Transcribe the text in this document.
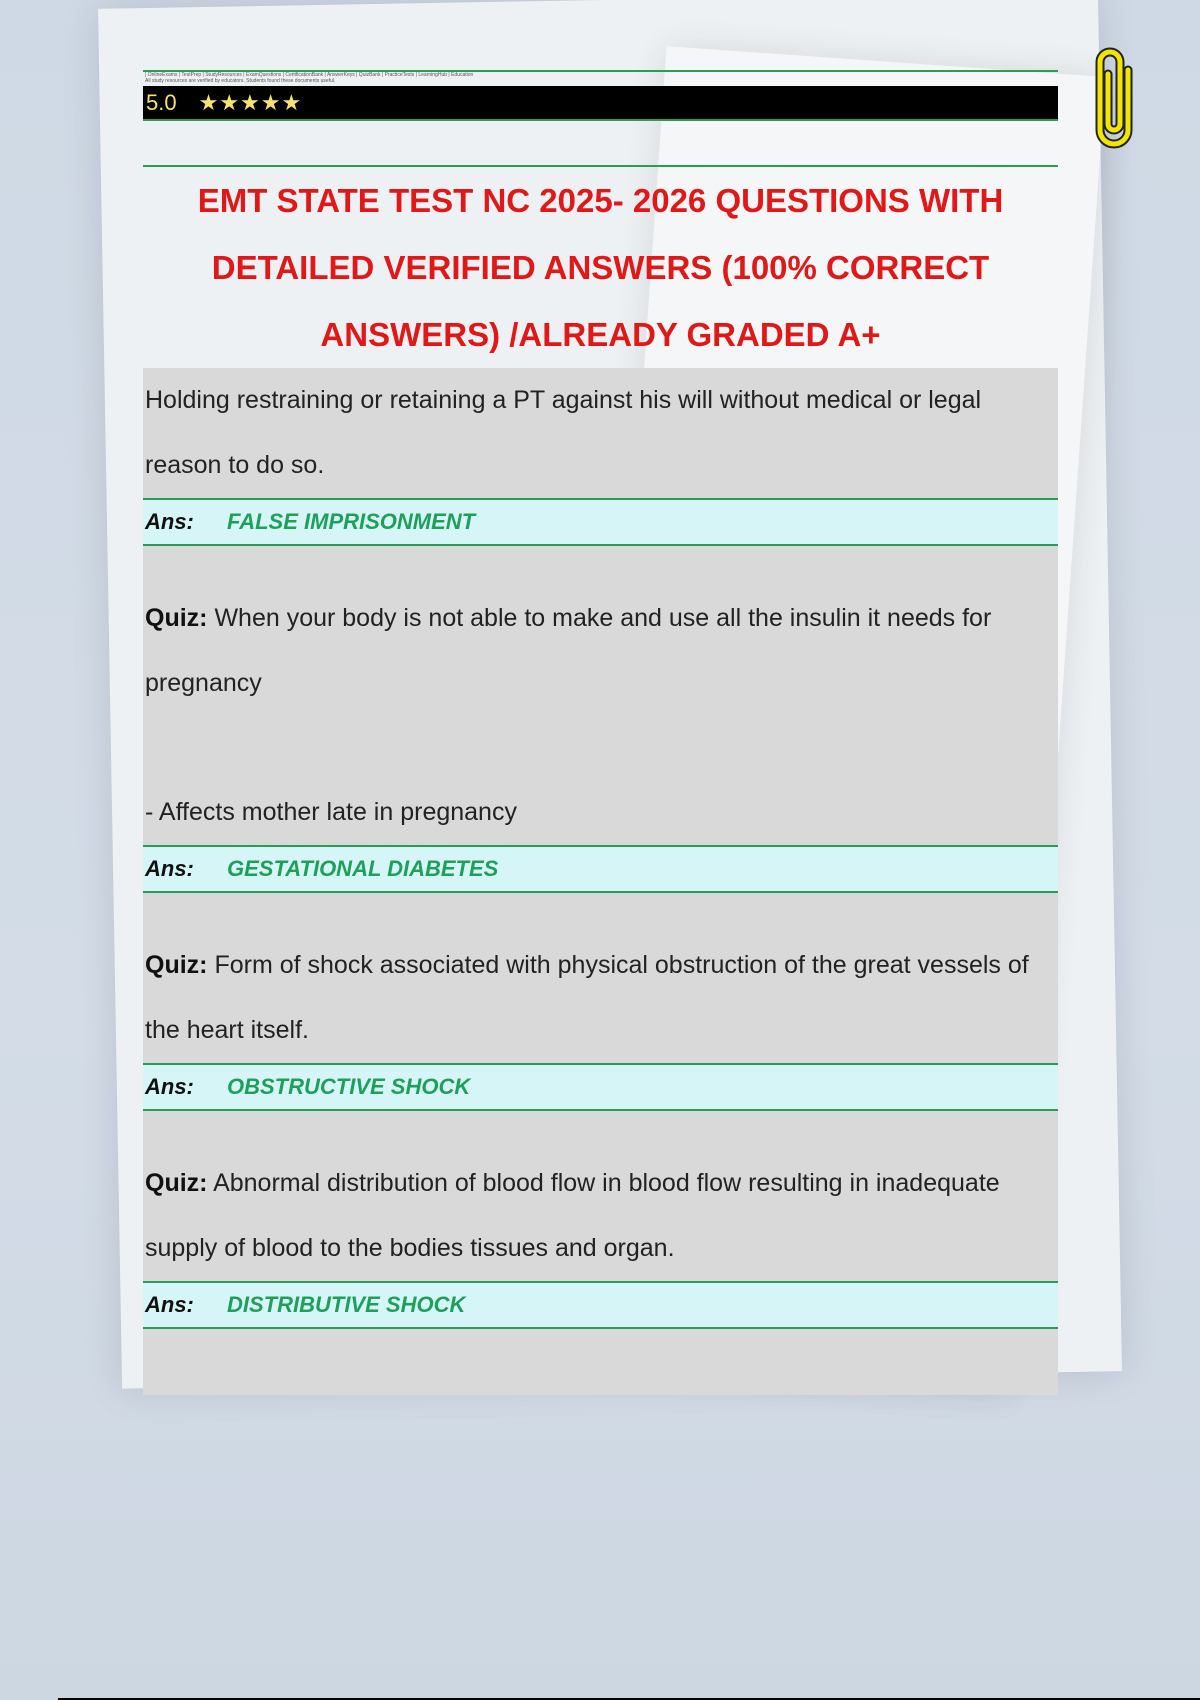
| OnlineExams | TestPrep | StudyResources | ExamQuestions | CertificationBank | AnswerKeys | QuizBank | PracticeTests | LearningHub | Education
All study resources are verified by educators. Students found these documents useful.
5.0 ★★★★★
EMT STATE TEST NC 2025- 2026 QUESTIONS WITH DETAILED VERIFIED ANSWERS (100% CORRECT ANSWERS) /ALREADY GRADED A+
Holding restraining or retaining a PT against his will without medical or legal reason to do so.
Ans:	FALSE IMPRISONMENT
Quiz: When your body is not able to make and use all the insulin it needs for pregnancy
- Affects mother late in pregnancy
Ans:	GESTATIONAL DIABETES
Quiz: Form of shock associated with physical obstruction of the great vessels of the heart itself.
Ans:	OBSTRUCTIVE SHOCK
Quiz: Abnormal distribution of blood flow in blood flow resulting in inadequate supply of blood to the bodies tissues and organ.
Ans:	DISTRIBUTIVE SHOCK
